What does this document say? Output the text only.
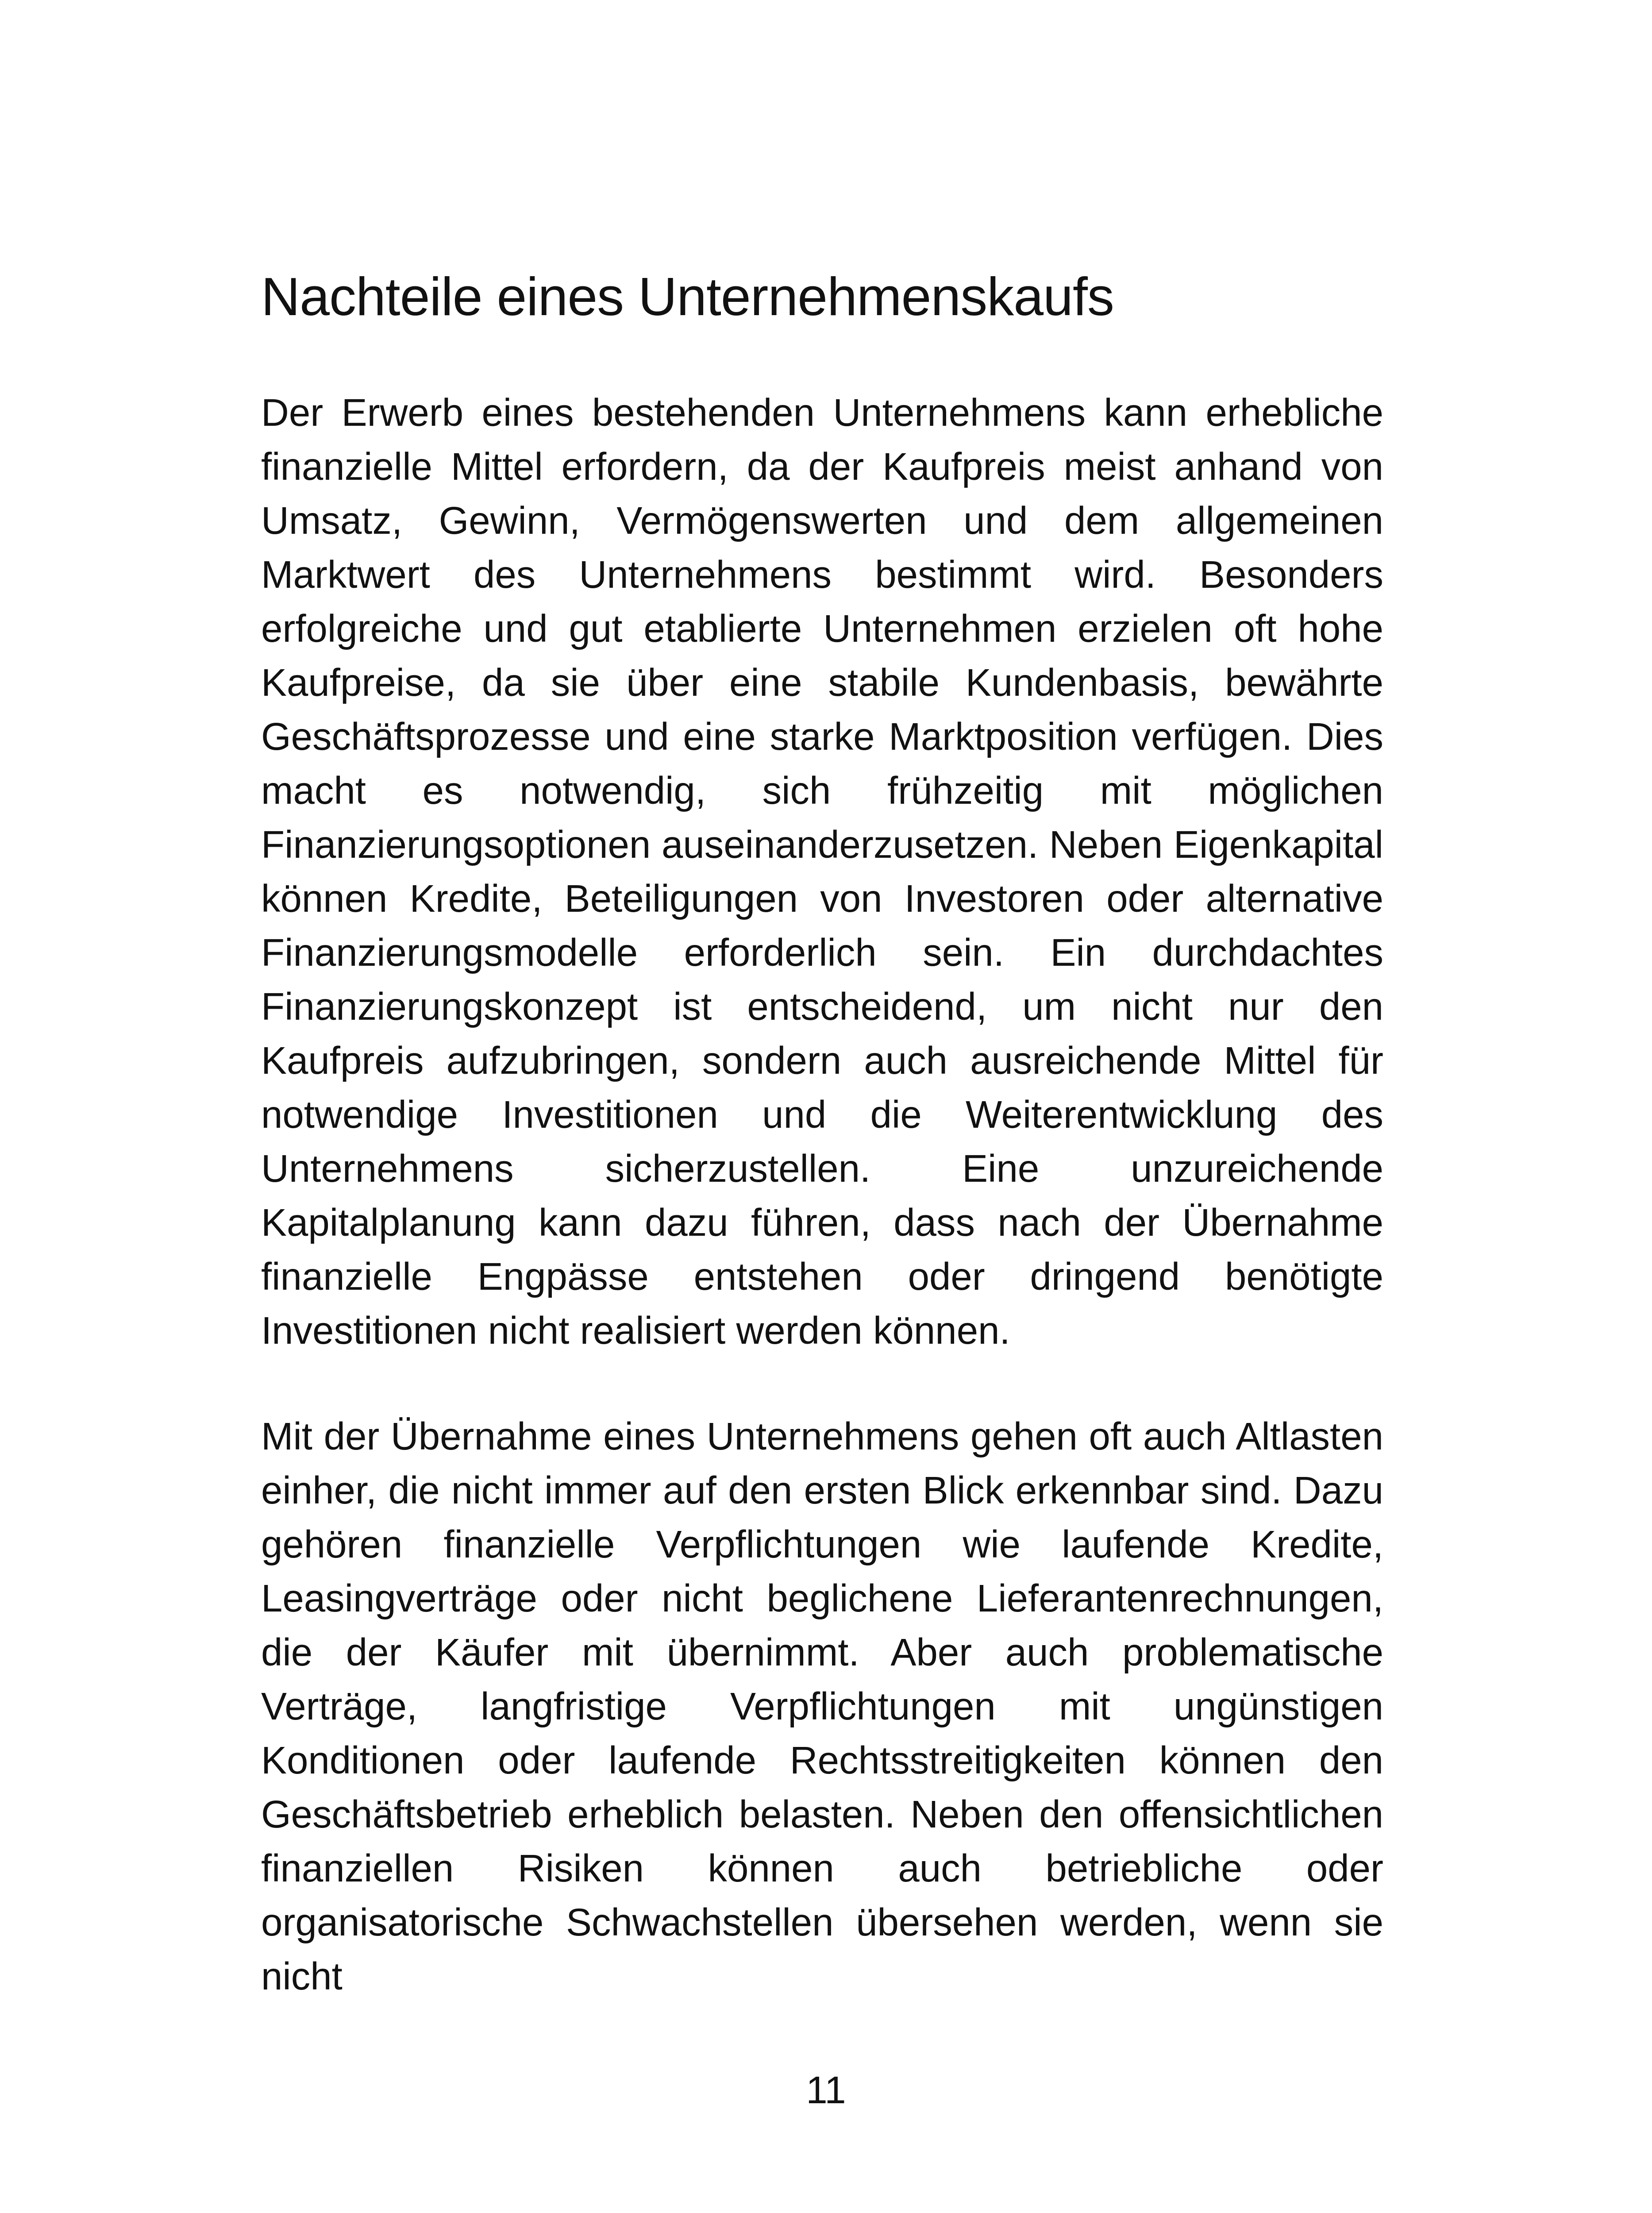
Nachteile eines Unternehmenskaufs

Der Erwerb eines bestehenden Unternehmens kann erhebliche finanzielle Mittel erfordern, da der Kaufpreis meist anhand von Umsatz, Gewinn, Vermögenswerten und dem allgemeinen Marktwert des Unternehmens bestimmt wird. Besonders erfolgreiche und gut etablierte Unternehmen erzielen oft hohe Kaufpreise, da sie über eine stabile Kundenbasis, bewährte Geschäftsprozesse und eine starke Marktposition verfügen. Dies macht es notwendig, sich frühzeitig mit möglichen Finanzierungsoptionen auseinanderzusetzen. Neben Eigenkapital können Kredite, Beteiligungen von Investoren oder alternative Finanzierungsmodelle erforderlich sein. Ein durchdachtes Finanzierungskonzept ist entscheidend, um nicht nur den Kaufpreis aufzubringen, sondern auch ausreichende Mittel für notwendige Investitionen und die Weiterentwicklung des Unternehmens sicherzustellen. Eine unzureichende Kapitalplanung kann dazu führen, dass nach der Übernahme finanzielle Engpässe entstehen oder dringend benötigte Investitionen nicht realisiert werden können.

Mit der Übernahme eines Unternehmens gehen oft auch Altlasten einher, die nicht immer auf den ersten Blick erkennbar sind. Dazu gehören finanzielle Verpflichtungen wie laufende Kredite, Leasingverträge oder nicht beglichene Lieferantenrechnungen, die der Käufer mit übernimmt. Aber auch problematische Verträge, langfristige Verpflichtungen mit ungünstigen Konditionen oder laufende Rechtsstreitigkeiten können den Geschäftsbetrieb erheblich belasten. Neben den offensichtlichen finanziellen Risiken können auch betriebliche oder organisatorische Schwachstellen übersehen werden, wenn sie nicht

11
